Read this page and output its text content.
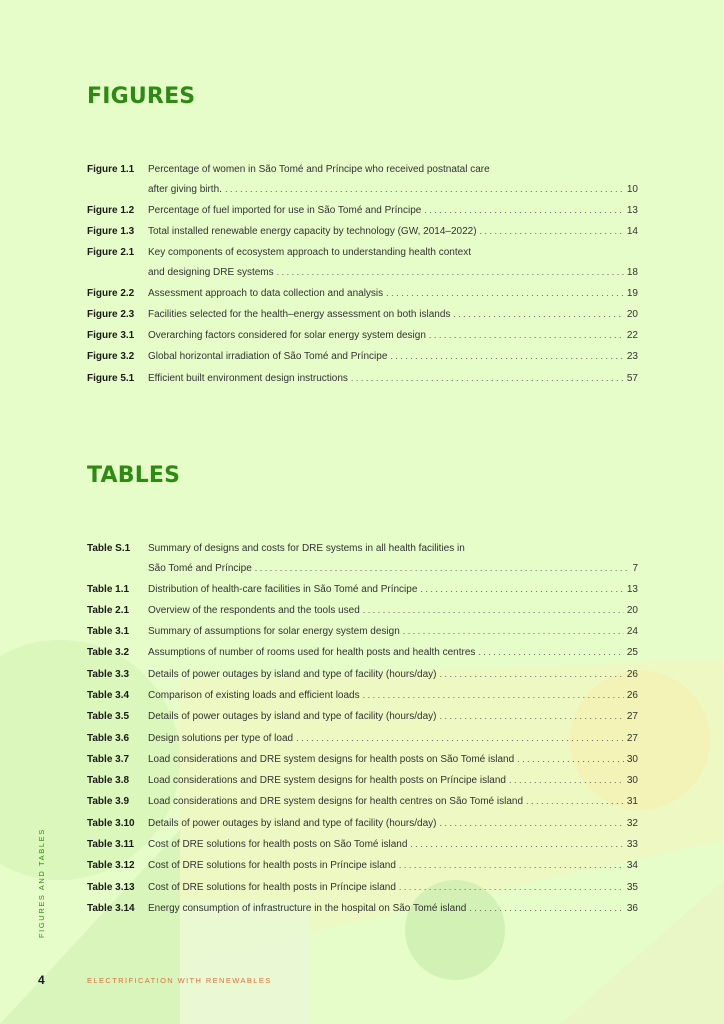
FIGURES
Figure 1.1 Percentage of women in São Tomé and Príncipe who received postnatal care
after giving birth. . . .	10
Figure 1.2 Percentage of fuel imported for use in São Tomé and Príncipe . . .	13
Figure 1.3 Total installed renewable energy capacity by technology (GW, 2014–2022) . . .	14
Figure 2.1 Key components of ecosystem approach to understanding health context
and designing DRE systems . . .	18
Figure 2.2 Assessment approach to data collection and analysis . . .	19
Figure 2.3 Facilities selected for the health–energy assessment on both islands . . .	20
Figure 3.1 Overarching factors considered for solar energy system design . . .	22
Figure 3.2 Global horizontal irradiation of São Tomé and Príncipe . . .	23
Figure 5.1 Efficient built environment design instructions . . .	57
TABLES
Table S.1 Summary of designs and costs for DRE systems in all health facilities in
São Tomé and Príncipe . . .	7
Table 1.1 Distribution of health-care facilities in São Tomé and Príncipe . . .	13
Table 2.1 Overview of the respondents and the tools used . . .	20
Table 3.1 Summary of assumptions for solar energy system design . . .	24
Table 3.2 Assumptions of number of rooms used for health posts and health centres . . .	25
Table 3.3 Details of power outages by island and type of facility (hours/day) . . .	26
Table 3.4 Comparison of existing loads and efficient loads . . .	26
Table 3.5 Details of power outages by island and type of facility (hours/day) . . .	27
Table 3.6 Design solutions per type of load . . .	27
Table 3.7 Load considerations and DRE system designs for health posts on São Tomé island . . .	30
Table 3.8 Load considerations and DRE system designs for health posts on Príncipe island . . .	30
Table 3.9 Load considerations and DRE system designs for health centres on São Tomé island . . .	31
Table 3.10 Details of power outages by island and type of facility (hours/day) . . .	32
Table 3.11 Cost of DRE solutions for health posts on São Tomé island . . .	33
Table 3.12 Cost of DRE solutions for health posts in Príncipe island . . .	34
Table 3.13 Cost of DRE solutions for health posts in Príncipe island . . .	35
Table 3.14 Energy consumption of infrastructure in the hospital on São Tomé island . . .	36
FIGURES AND TABLES
4	ELECTRIFICATION WITH RENEWABLES
